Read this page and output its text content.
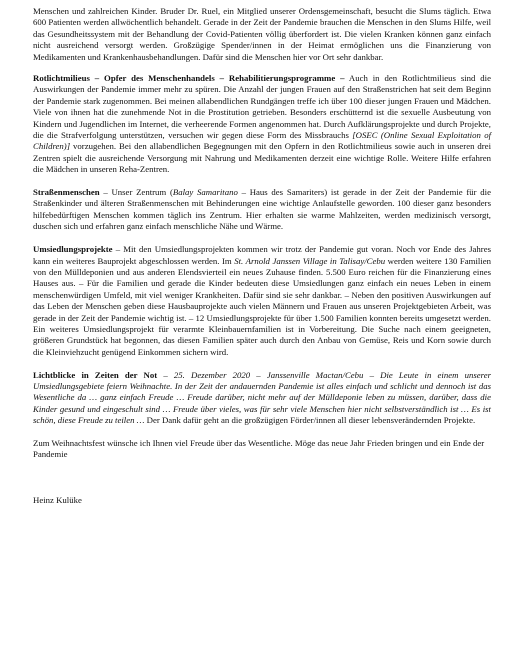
Menschen und zahlreichen Kinder. Bruder Dr. Ruel, ein Mitglied unserer Ordensgemeinschaft, besucht die Slums täglich. Etwa 600 Patienten werden allwöchentlich behandelt. Gerade in der Zeit der Pandemie brauchen die Menschen in den Slums Hilfe, weil das Gesundheitssystem mit der Behandlung der Covid-Patienten völlig überfordert ist. Die vielen Kranken können ganz einfach nicht ausreichend versorgt werden. Großzügige Spender/innen in der Heimat ermöglichen uns die Finanzierung von Medikamenten und Krankenhausbehandlungen. Dafür sind die Menschen hier vor Ort sehr dankbar.

Rotlichtmilieus – Opfer des Menschenhandels – Rehabilitierungsprogramme – Auch in den Rotlichtmilieus sind die Auswirkungen der Pandemie immer mehr zu spüren. Die Anzahl der jungen Frauen auf den Straßenstrichen hat seit dem Beginn der Pandemie stark zugenommen. Bei meinen allabendlichen Rundgängen treffe ich über 100 dieser jungen Frauen und Mädchen. Viele von ihnen hat die zunehmende Not in die Prostitution getrieben. Besonders erschütternd ist die sexuelle Ausbeutung von Kindern und Jugendlichen im Internet, die verheerende Formen angenommen hat. Durch Aufklärungsprojekte und durch Projekte, die die Strafverfolgung unterstützen, versuchen wir gegen diese Form des Missbrauchs [OSEC (Online Sexual Exploitation of Children)] vorzugehen. Bei den allabendlichen Begegnungen mit den Opfern in den Rotlichtmilieus sowie auch in unseren drei Zentren spielt die ausreichende Versorgung mit Nahrung und Medikamenten derzeit eine wichtige Rolle. Weitere Hilfe erfahren die Mädchen in unseren Reha-Zentren.

Straßenmenschen – Unser Zentrum (Balay Samaritano – Haus des Samariters) ist gerade in der Zeit der Pandemie für die Straßenkinder und älteren Straßenmenschen mit Behinderungen eine wichtige Anlaufstelle geworden. 100 dieser ganz besonders hilfebedürftigen Menschen kommen täglich ins Zentrum. Hier erhalten sie warme Mahlzeiten, werden medizinisch versorgt, duschen sich und erfahren ganz einfach menschliche Nähe und Wärme.

Umsiedlungsprojekte – Mit den Umsiedlungsprojekten kommen wir trotz der Pandemie gut voran. Noch vor Ende des Jahres kann ein weiteres Bauprojekt abgeschlossen werden. Im St. Arnold Janssen Village in Talisay/Cebu werden weitere 130 Familien von den Mülldeponien und aus anderen Elendsvierteil ein neues Zuhause finden. 5.500 Euro reichen für die Finanzierung eines Hauses aus. – Für die Familien und gerade die Kinder bedeuten diese Umsiedlungen ganz einfach ein neues Leben in einem menschenwürdigen Umfeld, mit viel weniger Krankheiten. Dafür sind sie sehr dankbar. – Neben den positiven Auswirkungen auf das Leben der Menschen geben diese Hausbauprojekte auch vielen Männern und Frauen aus unseren Projektgebieten Arbeit, was gerade in der Zeit der Pandemie wichtig ist. – 12 Umsiedlungsprojekte für über 1.500 Familien konnten bereits umgesetzt werden. Ein weiteres Umsiedlungsprojekt für verarmte Kleinbauernfamilien ist in Vorbereitung. Die Suche nach einem geeigneten, größeren Grundstück hat begonnen, das diesen Familien später auch durch den Anbau von Gemüse, Reis und Korn sowie durch die Kleinviehzucht genügend Einkommen sichern wird.

Lichtblicke in Zeiten der Not – 25. Dezember 2020 – Janssenville Mactan/Cebu – Die Leute in einem unserer Umsiedlungsgebiete feiern Weihnachte. In der Zeit der andauernden Pandemie ist alles einfach und schlicht und dennoch ist das Wesentliche da … ganz einfach Freude … Freude darüber, nicht mehr auf der Mülldeponie leben zu müssen, darüber, dass die Kinder gesund und eingeschult sind … Freude über vieles, was für sehr viele Menschen hier nicht selbstverständlich ist … Es ist schön, diese Freude zu teilen … Der Dank dafür geht an die großzügigen Förder/innen all dieser lebensverändernden Projekte.

Zum Weihnachtsfest wünsche ich Ihnen viel Freude über das Wesentliche. Möge das neue Jahr Frieden bringen und ein Ende der Pandemie

Heinz Kulüke
